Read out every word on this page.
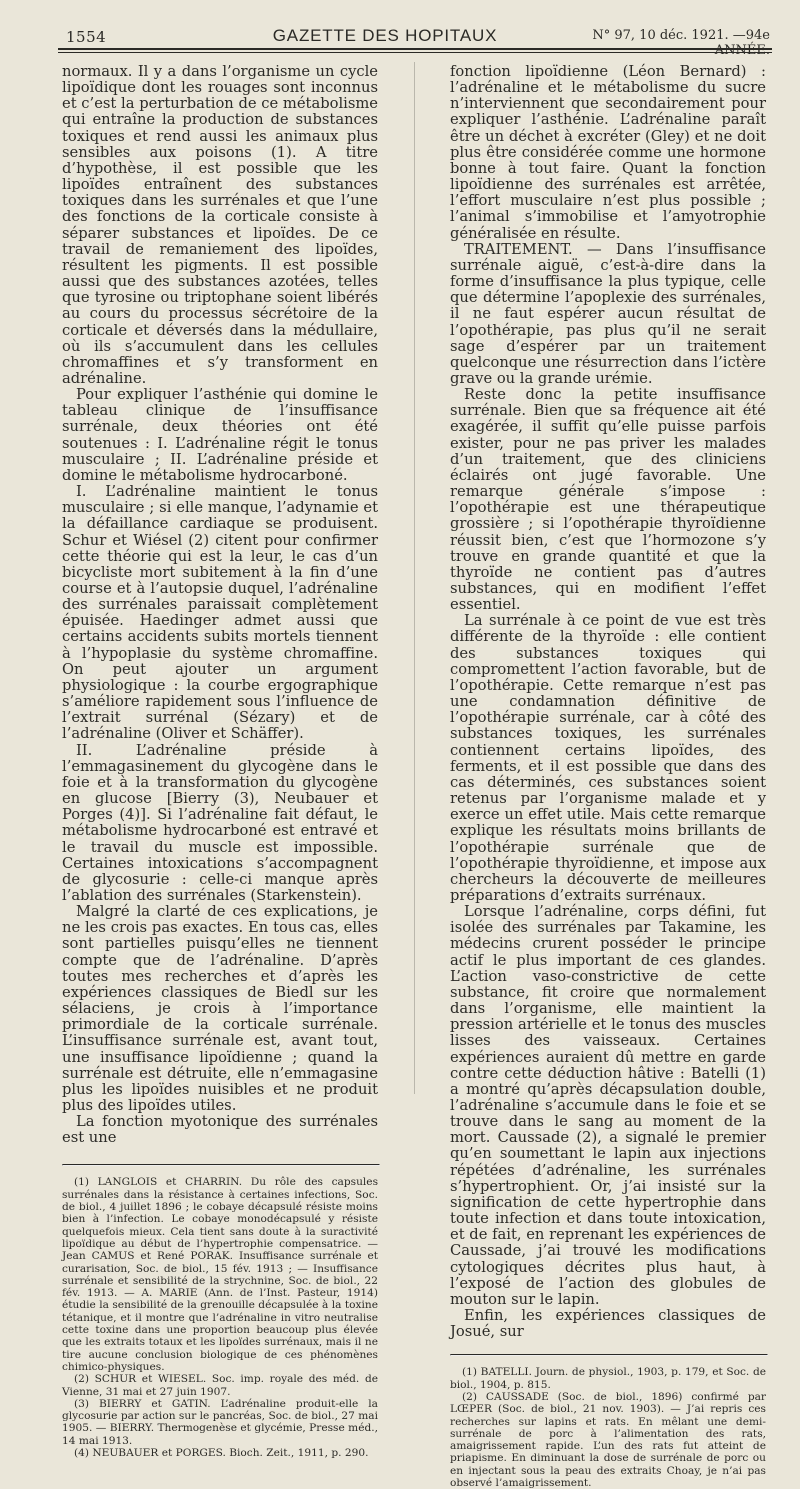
1554	GAZETTE DES HOPITAUX	N° 97, 10 déc. 1921. —94e ANNÉE.

normaux. Il y a dans l’organisme un cycle lipoïdique dont les rouages sont inconnus et c’est la perturbation de ce métabolisme qui entraîne la production de substances toxiques et rend aussi les animaux plus sensibles aux poisons (1). A titre d’hypothèse, il est possible que les lipoïdes entraînent des substances toxiques dans les surrénales et que l’une des fonctions de la corticale consiste à séparer substances et lipoïdes. De ce travail de remaniement des lipoïdes, résultent les pigments. Il est possible aussi que des substances azotées, telles que tyrosine ou triptophane soient libérés au cours du processus sécrétoire de la corticale et déversés dans la médullaire, où ils s’accumulent dans les cellules chromaffines et s’y transforment en adrénaline.

Pour expliquer l’asthénie qui domine le tableau clinique de l’insuffisance surrénale, deux théories ont été soutenues : I. L’adrénaline régit le tonus musculaire ; II. L’adrénaline préside et domine le métabolisme hydrocarboné.

I. L’adrénaline maintient le tonus musculaire ; si elle manque, l’adynamie et la défaillance cardiaque se produisent. Schur et Wiésel (2) citent pour confirmer cette théorie qui est la leur, le cas d’un bicycliste mort subitement à la fin d’une course et à l’autopsie duquel, l’adrénaline des surrénales paraissait complètement épuisée. Haedinger admet aussi que certains accidents subits mortels tiennent à l’hypoplasie du système chromaffine. On peut ajouter un argument physiologique : la courbe ergographique s’améliore rapidement sous l’influence de l’extrait surrénal (Sézary) et de l’adrénaline (Oliver et Schäffer).

II. L’adrénaline préside à l’emmagasinement du glycogène dans le foie et à la transformation du glycogène en glucose [Bierry (3), Neubauer et Porges (4)]. Si l’adrénaline fait défaut, le métabolisme hydrocarboné est entravé et le travail du muscle est impossible. Certaines intoxications s’accompagnent de glycosurie : celle-ci manque après l’ablation des surrénales (Starkenstein).

Malgré la clarté de ces explications, je ne les crois pas exactes. En tous cas, elles sont partielles puisqu’elles ne tiennent compte que de l’adrénaline. D’après toutes mes recherches et d’après les expériences classiques de Biedl sur les sélaciens, je crois à l’importance primordiale de la corticale surrénale. L’insuffisance surrénale est, avant tout, une insuffisance lipoïdienne ; quand la surrénale est détruite, elle n’emmagasine plus les lipoïdes nuisibles et ne produit plus des lipoïdes utiles.

La fonction myotonique des surrénales est une

(1) LANGLOIS et CHARRIN. Du rôle des capsules surrénales dans la résistance à certaines infections, Soc. de biol., 4 juillet 1896 ; le cobaye décapsulé résiste moins bien à l’infection. Le cobaye monodécapsulé y résiste quelquefois mieux. Cela tient sans doute à la suractivité lipoïdique au début de l’hypertrophie compensatrice. — Jean CAMUS et René PORAK. Insuffisance surrénale et curarisation, Soc. de biol., 15 fév. 1913 ; — Insuffisance surrénale et sensibilité de la strychnine, Soc. de biol., 22 fév. 1913. — A. MARIE (Ann. de l’Inst. Pasteur, 1914) étudie la sensibilité de la grenouille décapsulée à la toxine tétanique, et il montre que l’adrénaline in vitro neutralise cette toxine dans une proportion beaucoup plus élevée que les extraits totaux et les lipoïdes surrénaux, mais il ne tire aucune conclusion biologique de ces phénomènes chimico-physiques.

(2) SCHUR et WIESEL. Soc. imp. royale des méd. de Vienne, 31 mai et 27 juin 1907.

(3) BIERRY et GATIN. L’adrénaline produit-elle la glycosurie par action sur le pancréas, Soc. de biol., 27 mai 1905. — BIERRY. Thermogenèse et glycémie, Presse méd., 14 mai 1913.

(4) NEUBAUER et PORGES. Bioch. Zeit., 1911, p. 290.

fonction lipoïdienne (Léon Bernard) : l’adrénaline et le métabolisme du sucre n’interviennent que secondairement pour expliquer l’asthénie. L’adrénaline paraît être un déchet à excréter (Gley) et ne doit plus être considérée comme une hormone bonne à tout faire. Quant la fonction lipoïdienne des surrénales est arrêtée, l’effort musculaire n’est plus possible ; l’animal s’immobilise et l’amyotrophie généralisée en résulte.

TRAITEMENT. — Dans l’insuffisance surrénale aiguë, c’est-à-dire dans la forme d’insuffisance la plus typique, celle que détermine l’apoplexie des surrénales, il ne faut espérer aucun résultat de l’opothérapie, pas plus qu’il ne serait sage d’espérer par un traitement quelconque une résurrection dans l’ictère grave ou la grande urémie.

Reste donc la petite insuffisance surrénale. Bien que sa fréquence ait été exagérée, il suffit qu’elle puisse parfois exister, pour ne pas priver les malades d’un traitement, que des cliniciens éclairés ont jugé favorable. Une remarque générale s’impose : l’opothérapie est une thérapeutique grossière ; si l’opothérapie thyroïdienne réussit bien, c’est que l’hormozone s’y trouve en grande quantité et que la thyroïde ne contient pas d’autres substances, qui en modifient l’effet essentiel.

La surrénale à ce point de vue est très différente de la thyroïde : elle contient des substances toxiques qui compromettent l’action favorable, but de l’opothérapie. Cette remarque n’est pas une condamnation définitive de l’opothérapie surrénale, car à côté des substances toxiques, les surrénales contiennent certains lipoïdes, des ferments, et il est possible que dans des cas déterminés, ces substances soient retenus par l’organisme malade et y exerce un effet utile. Mais cette remarque explique les résultats moins brillants de l’opothérapie surrénale que de l’opothérapie thyroïdienne, et impose aux chercheurs la découverte de meilleures préparations d’extraits surrénaux.

Lorsque l’adrénaline, corps défini, fut isolée des surrénales par Takamine, les médecins crurent posséder le principe actif le plus important de ces glandes. L’action vaso-constrictive de cette substance, fit croire que normalement dans l’organisme, elle maintient la pression artérielle et le tonus des muscles lisses des vaisseaux. Certaines expériences auraient dû mettre en garde contre cette déduction hâtive : Batelli (1) a montré qu’après décapsulation double, l’adrénaline s’accumule dans le foie et se trouve dans le sang au moment de la mort. Caussade (2), a signalé le premier qu’en soumettant le lapin aux injections répétées d’adrénaline, les surrénales s’hypertrophient. Or, j’ai insisté sur la signification de cette hypertrophie dans toute infection et dans toute intoxication, et de fait, en reprenant les expériences de Caussade, j’ai trouvé les modifications cytologiques décrites plus haut, à l’exposé de l’action des globules de mouton sur le lapin.

Enfin, les expériences classiques de Josué, sur

(1) BATELLI. Journ. de physiol., 1903, p. 179, et Soc. de biol., 1904, p. 815.

(2) CAUSSADE (Soc. de biol., 1896) confirmé par LŒPER (Soc. de biol., 21 nov. 1903). — J’ai repris ces recherches sur lapins et rats. En mêlant une demi-surrénale de porc à l’alimentation des rats, amaigrissement rapide. L’un des rats fut atteint de priapisme. En diminuant la dose de surrénale de porc ou en injectant sous la peau des extraits Choay, je n’ai pas observé l’amaigrissement.
